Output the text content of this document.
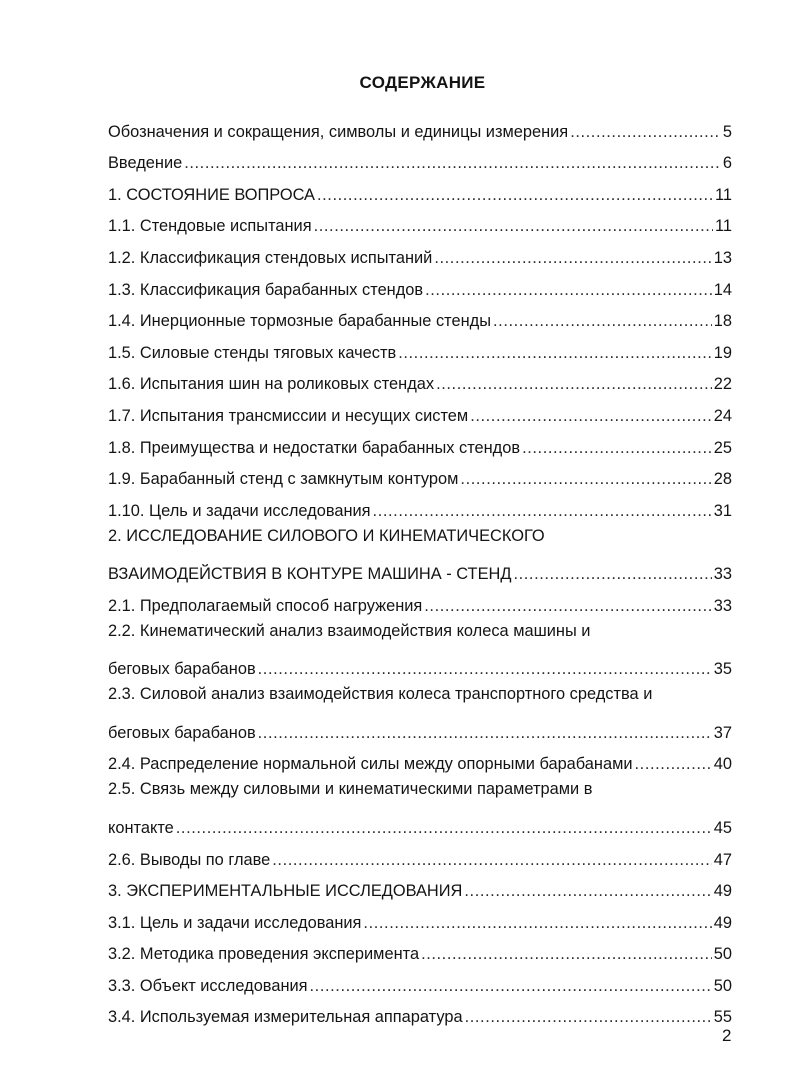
СОДЕРЖАНИЕ
Обозначения и сокращения, символы и единицы измерения .....	5
Введение .....	6
1. СОСТОЯНИЕ ВОПРОСА .....	11
1.1. Стендовые испытания .....	11
1.2. Классификация стендовых испытаний .....	13
1.3. Классификация барабанных стендов .....	14
1.4. Инерционные тормозные барабанные стенды .....	18
1.5. Силовые стенды тяговых качеств .....	19
1.6. Испытания шин на роликовых стендах .....	22
1.7. Испытания трансмиссии и несущих систем .....	24
1.8. Преимущества и недостатки барабанных стендов .....	25
1.9. Барабанный стенд с замкнутым контуром .....	28
1.10. Цель и задачи исследования .....	31
2. ИССЛЕДОВАНИЕ СИЛОВОГО И КИНЕМАТИЧЕСКОГО
ВЗАИМОДЕЙСТВИЯ В КОНТУРЕ МАШИНА - СТЕНД .....	33
2.1. Предполагаемый способ нагружения .....	33
2.2. Кинематический анализ взаимодействия колеса машины и
беговых барабанов .....	35
2.3. Силовой анализ взаимодействия колеса транспортного средства и
беговых барабанов .....	37
2.4. Распределение нормальной силы между опорными барабанами .....	40
2.5. Связь между силовыми и кинематическими параметрами в
контакте .....	45
2.6. Выводы по главе .....	47
3. ЭКСПЕРИМЕНТАЛЬНЫЕ ИССЛЕДОВАНИЯ .....	49
3.1. Цель и задачи исследования .....	49
3.2. Методика проведения эксперимента .....	50
3.3. Объект исследования .....	50
3.4. Используемая измерительная аппаратура .....	55
2
